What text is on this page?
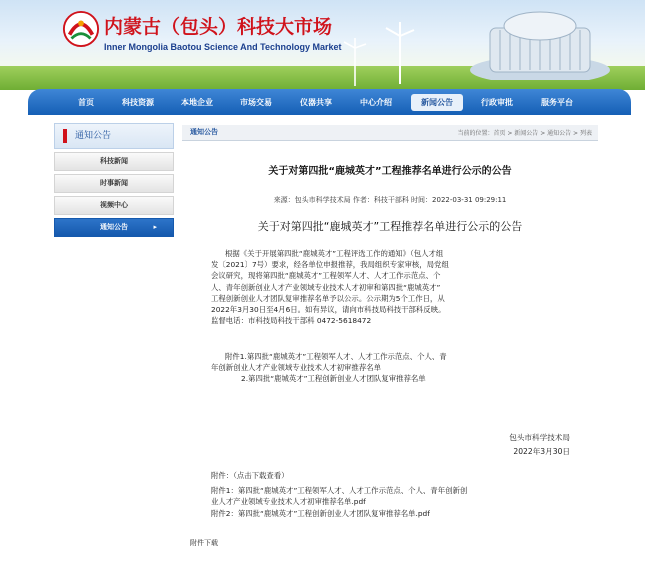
内蒙古（包头）科技大市场
Inner Mongolia Baotou Science And Technology Market
首页	科技资源	本地企业	市场交易	仪器共享	中心介绍	新闻公告	行政审批	服务平台
通知公告
科技新闻
时事新闻
视频中心
通知公告	▸
通知公告	当前的位置：首页 > 新闻公告 > 通知公告 > 列表
关于对第四批“鹿城英才”工程推荐名单进行公示的公告
来源：包头市科学技术局 作者：科技干部科 时间：2022-03-31 09:29:11
关于对第四批“鹿城英才”工程推荐名单进行公示的公告
根据《关于开展第四批“鹿城英才”工程评选工作的通知》（包人才组
发〔2021〕7号）要求，经各单位申报推荐，我局组织专家审核，局党组
会议研究，现将第四批“鹿城英才”工程领军人才、人才工作示范点、个
人、青年创新创业人才产业领域专业技术人才初审和第四批“鹿城英才”
工程创新创业人才团队复审推荐名单予以公示。公示期为5个工作日，从
2022年3月30日至4月6日。如有异议，请向市科技局科技干部科反映。
监督电话：市科技局科技干部科 0472-5618472
附件1.第四批“鹿城英才”工程领军人才、人才工作示范点、个人、青
年创新创业人才产业领域专业技术人才初审推荐名单
2.第四批“鹿城英才”工程创新创业人才团队复审推荐名单
包头市科学技术局
2022年3月30日
附件：（点击下载查看）
附件1：第四批“鹿城英才”工程领军人才、人才工作示范点、个人、青年创新创
业人才产业领域专业技术人才初审推荐名单.pdf
附件2：第四批“鹿城英才”工程创新创业人才团队复审推荐名单.pdf
附件下载
